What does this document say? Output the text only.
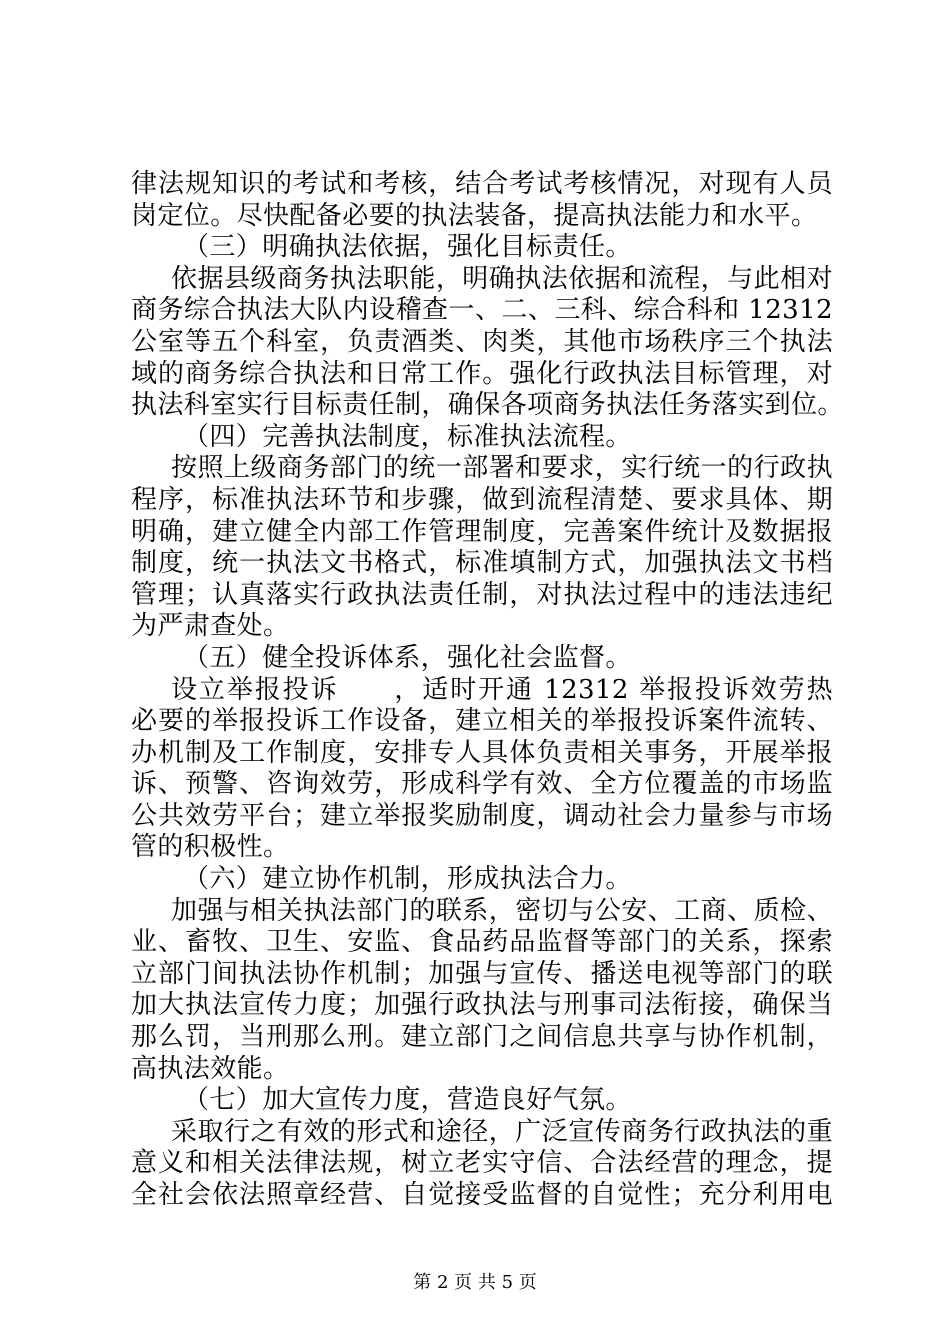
律法规知识的考试和考核，结合考试考核情况，对现有人员
岗定位。尽快配备必要的执法装备，提高执法能力和水平。
（三）明确执法依据，强化目标责任。
依据县级商务执法职能，明确执法依据和流程，与此相对
商务综合执法大队内设稽查一、二、三科、综合科和 12312
公室等五个科室，负责酒类、肉类，其他市场秩序三个执法
域的商务综合执法和日常工作。强化行政执法目标管理，对
执法科室实行目标责任制，确保各项商务执法任务落实到位。
（四）完善执法制度，标准执法流程。
按照上级商务部门的统一部署和要求，实行统一的行政执
程序，标准执法环节和步骤，做到流程清楚、要求具体、期
明确，建立健全内部工作管理制度，完善案件统计及数据报
制度，统一执法文书格式，标准填制方式，加强执法文书档
管理；认真落实行政执法责任制，对执法过程中的违法违纪
为严肃查处。
（五）健全投诉体系，强化社会监督。
设立举报投诉　　，适时开通 12312 举报投诉效劳热
必要的举报投诉工作设备，建立相关的举报投诉案件流转、
办机制及工作制度，安排专人具体负责相关事务，开展举报
诉、预警、咨询效劳，形成科学有效、全方位覆盖的市场监
公共效劳平台；建立举报奖励制度，调动社会力量参与市场
管的积极性。
（六）建立协作机制，形成执法合力。
加强与相关执法部门的联系，密切与公安、工商、质检、
业、畜牧、卫生、安监、食品药品监督等部门的关系，探索
立部门间执法协作机制；加强与宣传、播送电视等部门的联
加大执法宣传力度；加强行政执法与刑事司法衔接，确保当
那么罚，当刑那么刑。建立部门之间信息共享与协作机制，
高执法效能。
（七）加大宣传力度，营造良好气氛。
采取行之有效的形式和途径，广泛宣传商务行政执法的重
意义和相关法律法规，树立老实守信、合法经营的理念，提
全社会依法照章经营、自觉接受监督的自觉性；充分利用电
第 2 页 共 5 页
